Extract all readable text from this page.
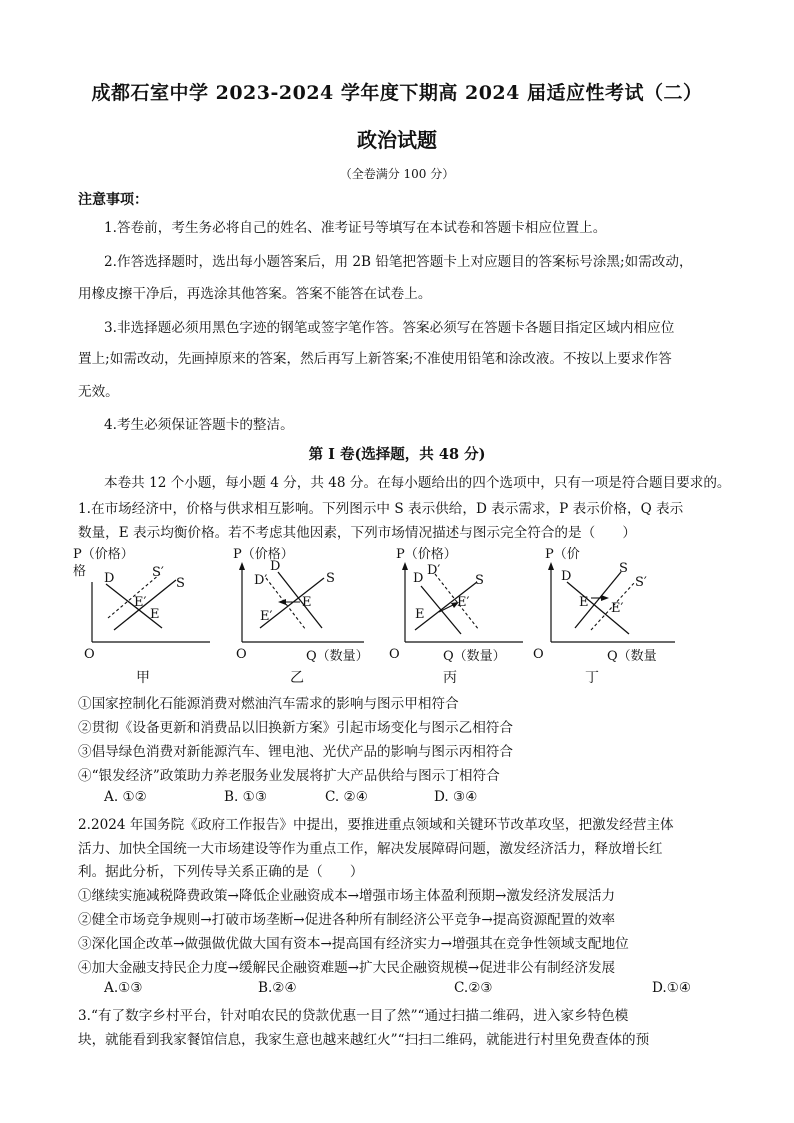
成都石室中学 2023-2024 学年度下期高 2024 届适应性考试（二）
政治试题
（全卷满分 100 分）
注意事项：
1.答卷前，考生务必将自己的姓名、准考证号等填写在本试卷和答题卡相应位置上。
2.作答选择题时，选出每小题答案后，用 2B 铅笔把答题卡上对应题目的答案标号涂黑;如需改动，
用橡皮擦干净后，再选涂其他答案。答案不能答在试卷上。
3.非选择题必须用黑色字迹的钢笔或签字笔作答。答案必须写在答题卡各题目指定区域内相应位
置上;如需改动，先画掉原来的答案，然后再写上新答案;不准使用铅笔和涂改液。不按以上要求作答
无效。
4.考生必须保证答题卡的整洁。
第 I 卷(选择题，共 48 分)
本卷共 12 个小题，每小题 4 分，共 48 分。在每小题给出的四个选项中，只有一项是符合题目要求的。
1.在市场经济中，价格与供求相互影响。下列图示中 S 表示供给，D 表示需求，P 表示价格，Q 表示
数量，E 表示均衡价格。若不考虑其他因素，下列市场情况描述与图示完全符合的是（　　）
P（价格）
格 D	S′
S
E′
E
O
甲
P（价格）
D
D′	S
E
E′
O	Q（数量）
乙
P（价格）
D
D′
S
E
E′
O	Q（数量）
丙
P（价
D
S
S′
E E′
O	Q（数量
丁
①国家控制化石能源消费对燃油汽车需求的影响与图示甲相符合
②贯彻《设备更新和消费品以旧换新方案》引起市场变化与图示乙相符合
③倡导绿色消费对新能源汽车、锂电池、光伏产品的影响与图示丙相符合
④“银发经济”政策助力养老服务业发展将扩大产品供给与图示丁相符合
A. ①②	B. ①③	C. ②④	D. ③④
2.2024 年国务院《政府工作报告》中提出，要推进重点领域和关键环节改革攻坚，把激发经营主体
活力、加快全国统一大市场建设等作为重点工作，解决发展障碍问题，激发经济活力，释放增长红
利。据此分析，下列传导关系正确的是（　　）
①继续实施减税降费政策→降低企业融资成本→增强市场主体盈利预期→激发经济发展活力
②健全市场竞争规则→打破市场垄断→促进各种所有制经济公平竞争→提高资源配置的效率
③深化国企改革→做强做优做大国有资本→提高国有经济实力→增强其在竞争性领域支配地位
④加大金融支持民企力度→缓解民企融资难题→扩大民企融资规模→促进非公有制经济发展
A.①③	B.②④	C.②③	D.①④
3.“有了数字乡村平台，针对咱农民的贷款优惠一目了然”“通过扫描二维码，进入家乡特色模
块，就能看到我家餐馆信息，我家生意也越来越红火”“扫扫二维码，就能进行村里免费查体的预
